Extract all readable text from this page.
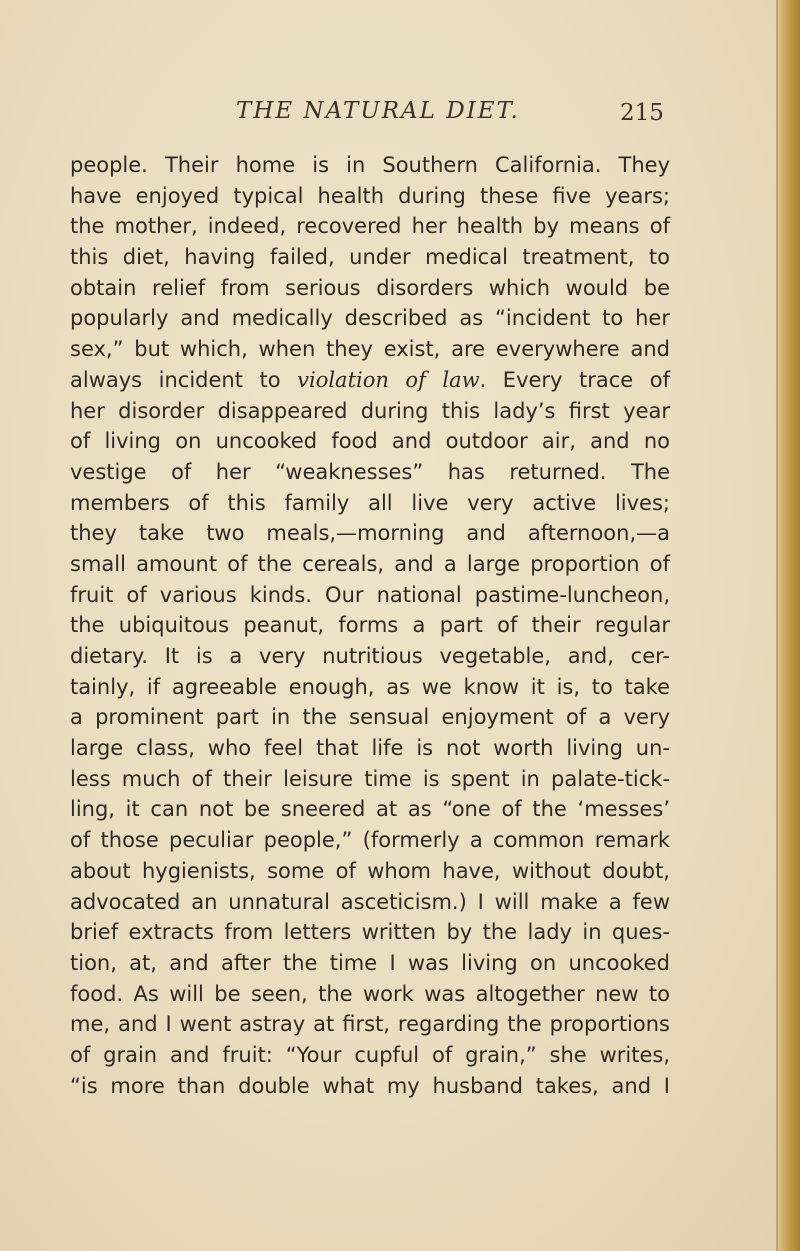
THE NATURAL DIET.	215
people. Their home is in Southern California. They
have enjoyed typical health during these five years;
the mother, indeed, recovered her health by means of
this diet, having failed, under medical treatment, to
obtain relief from serious disorders which would be
popularly and medically described as “incident to her
sex,” but which, when they exist, are everywhere and
always incident to violation of law. Every trace of
her disorder disappeared during this lady’s first year
of living on uncooked food and outdoor air, and no
vestige of her “weaknesses” has returned. The
members of this family all live very active lives;
they take two meals,—morning and afternoon,—a
small amount of the cereals, and a large proportion of
fruit of various kinds. Our national pastime-luncheon,
the ubiquitous peanut, forms a part of their regular
dietary. It is a very nutritious vegetable, and, cer-
tainly, if agreeable enough, as we know it is, to take
a prominent part in the sensual enjoyment of a very
large class, who feel that life is not worth living un-
less much of their leisure time is spent in palate-tick-
ling, it can not be sneered at as “one of the ‘messes’
of those peculiar people,” (formerly a common remark
about hygienists, some of whom have, without doubt,
advocated an unnatural asceticism.) I will make a few
brief extracts from letters written by the lady in ques-
tion, at, and after the time I was living on uncooked
food. As will be seen, the work was altogether new to
me, and I went astray at first, regarding the proportions
of grain and fruit: “Your cupful of grain,” she writes,
“is more than double what my husband takes, and I
